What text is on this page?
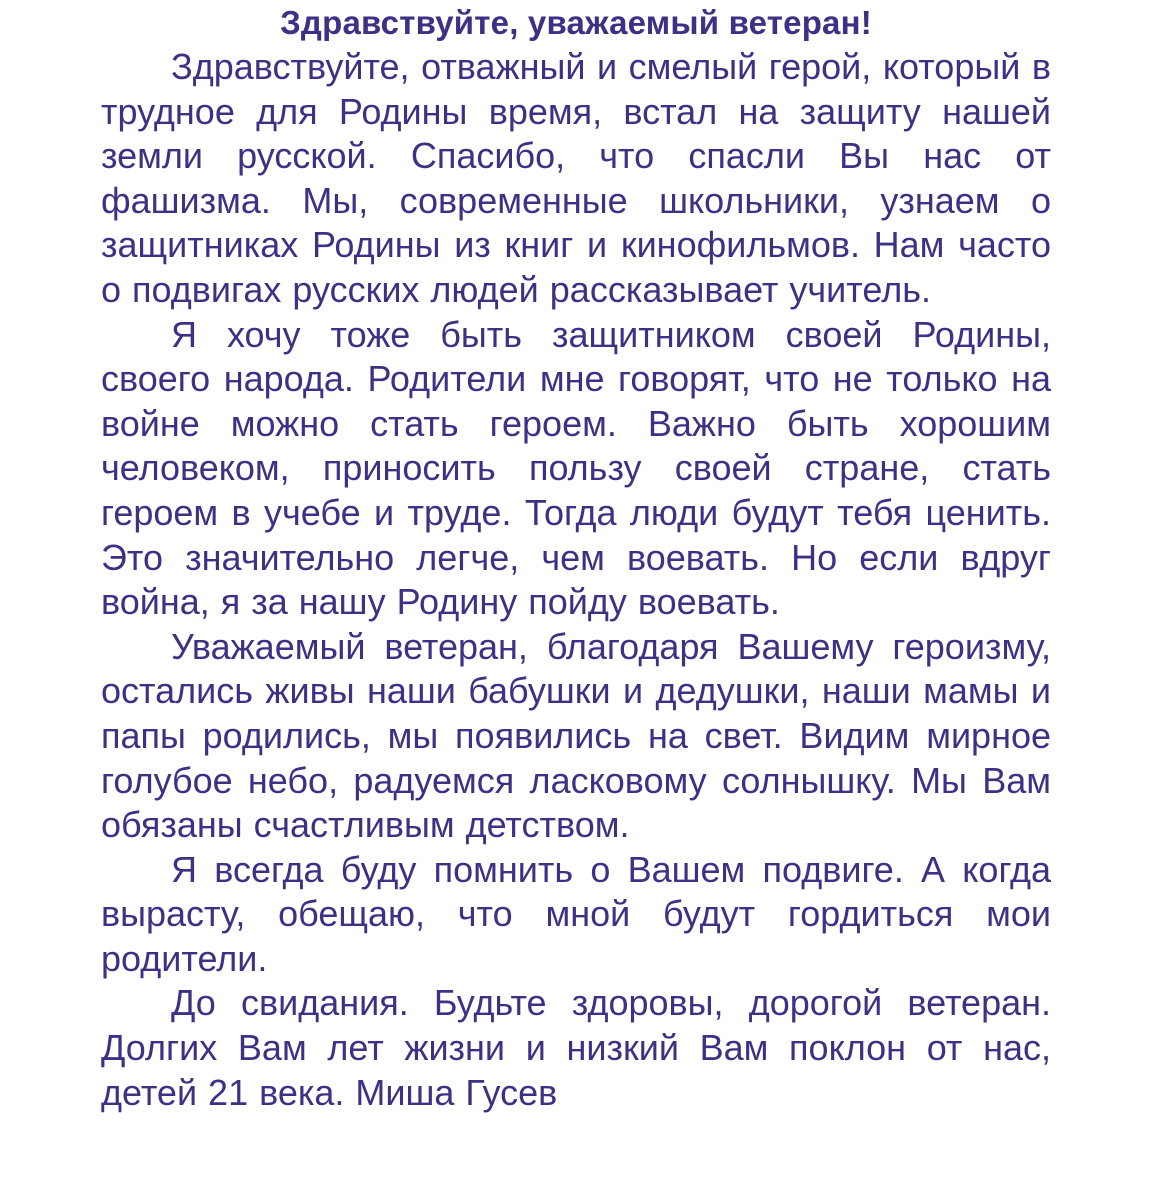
Здравствуйте, уважаемый ветеран!

Здравствуйте, отважный и смелый герой, который в трудное для Родины время, встал на защиту нашей земли русской. Спасибо, что спасли Вы нас от фашизма. Мы, современные школьники, узнаем о защитниках Родины из книг и кинофильмов. Нам часто о подвигах русских людей рассказывает учитель.

Я хочу тоже быть защитником своей Родины, своего народа. Родители мне говорят, что не только на войне можно стать героем. Важно быть хорошим человеком, приносить пользу своей стране, стать героем в учебе и труде. Тогда люди будут тебя ценить. Это значительно легче, чем воевать. Но если вдруг война, я за нашу Родину пойду воевать.

Уважаемый ветеран, благодаря Вашему героизму, остались живы наши бабушки и дедушки, наши мамы и папы родились, мы появились на свет. Видим мирное голубое небо, радуемся ласковому солнышку. Мы Вам обязаны счастливым детством.

Я всегда буду помнить о Вашем подвиге. А когда вырасту, обещаю, что мной будут гордиться мои родители.

До свидания. Будьте здоровы, дорогой ветеран. Долгих Вам лет жизни и низкий Вам поклон от нас, детей 21 века. Миша Гусев
